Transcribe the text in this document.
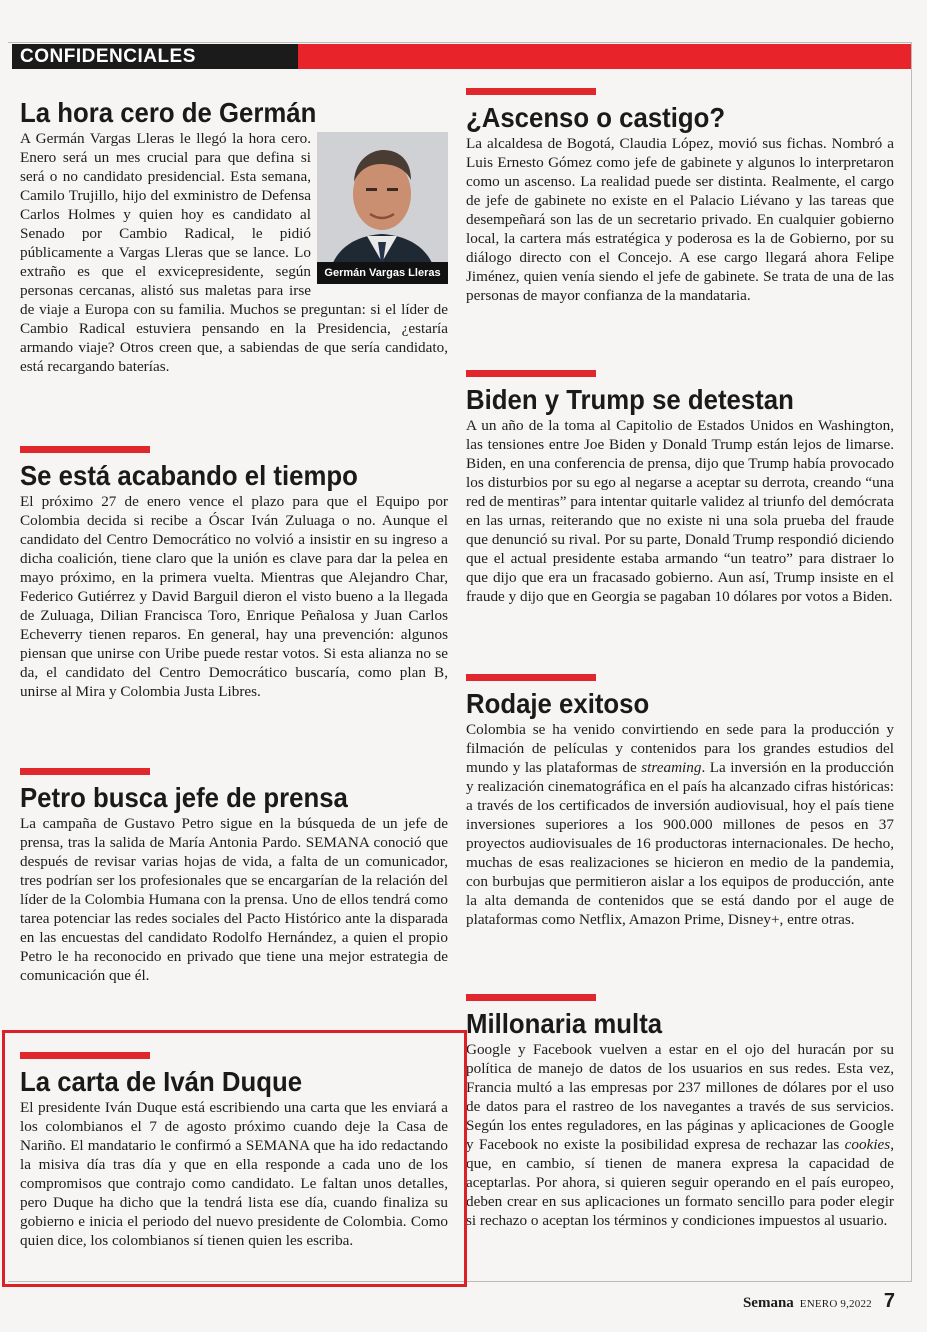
CONFIDENCIALES
La hora cero de Germán
Germán Vargas Lleras

A Germán Vargas Lleras le llegó la hora cero. Enero será un mes crucial para que defina si será o no candidato presidencial. Esta semana, Camilo Trujillo, hijo del exministro de Defensa Carlos Holmes y quien hoy es candidato al Senado por Cambio Radical, le pidió públicamente a Vargas Lleras que se lance. Lo extraño es que el exvicepresidente, según personas cercanas, alistó sus maletas para irse de viaje a Europa con su familia. Muchos se preguntan: si el líder de Cambio Radical estuviera pensando en la Presidencia, ¿estaría armando viaje? Otros creen que, a sabiendas de que sería candidato, está recargando baterías.

Se está acabando el tiempo

El próximo 27 de enero vence el plazo para que el Equipo por Colombia decida si recibe a Óscar Iván Zuluaga o no. Aunque el candidato del Centro Democrático no volvió a insistir en su ingreso a dicha coalición, tiene claro que la unión es clave para dar la pelea en mayo próximo, en la primera vuelta. Mientras que Alejandro Char, Federico Gutiérrez y David Barguil dieron el visto bueno a la llegada de Zuluaga, Dilian Francisca Toro, Enrique Peñalosa y Juan Carlos Echeverry tienen reparos. En general, hay una prevención: algunos piensan que unirse con Uribe puede restar votos. Si esta alianza no se da, el candidato del Centro Democrático buscaría, como plan B, unirse al Mira y Colombia Justa Libres.

Petro busca jefe de prensa

La campaña de Gustavo Petro sigue en la búsqueda de un jefe de prensa, tras la salida de María Antonia Pardo. SEMANA conoció que después de revisar varias hojas de vida, a falta de un comunicador, tres podrían ser los profesionales que se encargarían de la relación del líder de la Colombia Humana con la prensa. Uno de ellos tendrá como tarea potenciar las redes sociales del Pacto Histórico ante la disparada en las encuestas del candidato Rodolfo Hernández, a quien el propio Petro le ha reconocido en privado que tiene una mejor estrategia de comunicación que él.

La carta de Iván Duque

El presidente Iván Duque está escribiendo una carta que les enviará a los colombianos el 7 de agosto próximo cuando deje la Casa de Nariño. El mandatario le confirmó a SEMANA que ha ido redactando la misiva día tras día y que en ella responde a cada uno de los compromisos que contrajo como candidato. Le faltan unos detalles, pero Duque ha dicho que la tendrá lista ese día, cuando finaliza su gobierno e inicia el periodo del nuevo presidente de Colombia. Como quien dice, los colombianos sí tienen quien les escriba.

¿Ascenso o castigo?

La alcaldesa de Bogotá, Claudia López, movió sus fichas. Nombró a Luis Ernesto Gómez como jefe de gabinete y algunos lo interpretaron como un ascenso. La realidad puede ser distinta. Realmente, el cargo de jefe de gabinete no existe en el Palacio Liévano y las tareas que desempeñará son las de un secretario privado. En cualquier gobierno local, la cartera más estratégica y poderosa es la de Gobierno, por su diálogo directo con el Concejo. A ese cargo llegará ahora Felipe Jiménez, quien venía siendo el jefe de gabinete. Se trata de una de las personas de mayor confianza de la mandataria.

Biden y Trump se detestan

A un año de la toma al Capitolio de Estados Unidos en Washington, las tensiones entre Joe Biden y Donald Trump están lejos de limarse. Biden, en una conferencia de prensa, dijo que Trump había provocado los disturbios por su ego al negarse a aceptar su derrota, creando “una red de mentiras” para intentar quitarle validez al triunfo del demócrata en las urnas, reiterando que no existe ni una sola prueba del fraude que denunció su rival. Por su parte, Donald Trump respondió diciendo que el actual presidente estaba armando “un teatro” para distraer lo que dijo que era un fracasado gobierno. Aun así, Trump insiste en el fraude y dijo que en Georgia se pagaban 10 dólares por votos a Biden.

Rodaje exitoso

Colombia se ha venido convirtiendo en sede para la producción y filmación de películas y contenidos para los grandes estudios del mundo y las plataformas de streaming. La inversión en la producción y realización cinematográfica en el país ha alcanzado cifras históricas: a través de los certificados de inversión audiovisual, hoy el país tiene inversiones superiores a los 900.000 millones de pesos en 37 proyectos audiovisuales de 16 productoras internacionales. De hecho, muchas de esas realizaciones se hicieron en medio de la pandemia, con burbujas que permitieron aislar a los equipos de producción, ante la alta demanda de contenidos que se está dando por el auge de plataformas como Netflix, Amazon Prime, Disney+, entre otras.

Millonaria multa

Google y Facebook vuelven a estar en el ojo del huracán por su política de manejo de datos de los usuarios en sus redes. Esta vez, Francia multó a las empresas por 237 millones de dólares por el uso de datos para el rastreo de los navegantes a través de sus servicios. Según los entes reguladores, en las páginas y aplicaciones de Google y Facebook no existe la posibilidad expresa de rechazar las cookies, que, en cambio, sí tienen de manera expresa la capacidad de aceptarlas. Por ahora, si quieren seguir operando en el país europeo, deben crear en sus aplicaciones un formato sencillo para poder elegir si rechazo o aceptan los términos y condiciones impuestos al usuario.

Semana ENERO 9,2022 7
